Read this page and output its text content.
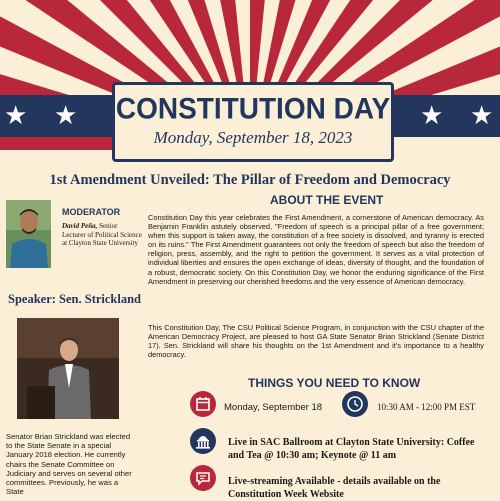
★ ★	★ ★
CONSTITUTION DAY
Monday, September 18, 2023
1st Amendment Unveiled: The Pillar of Freedom and Democracy
MODERATOR

David Peña, Senior Lecturer of Political Science at Clayton State University

Speaker: Sen. Strickland

Senator Brian Strickland was elected to the State Senate in a special January 2018 election. He currently chairs the Senate Committee on Judiciary and serves on several other committees. Previously, he was a State

ABOUT THE EVENT

Constitution Day this year celebrates the First Amendment, a cornerstone of American democracy. As Benjamin Franklin astutely observed, "Freedom of speech is a principal pillar of a free government; when this support is taken away, the constitution of a free society is dissolved, and tyranny is erected on its ruins." The First Amendment guarantees not only the freedom of speech but also the freedom of religion, press, assembly, and the right to petition the government. It serves as a vital protection of individual liberties and ensures the open exchange of ideas, diversity of thought, and the foundation of a robust, democratic society. On this Constitution Day, we honor the enduring significance of the First Amendment in preserving our cherished freedoms and the very essence of American democracy.

This Constitution Day, The CSU Political Science Program, in conjunction with the CSU chapter of the American Democracy Project, are pleased to host GA State Senator Brian Strickland (Senate District 17). Sen. Strickland will share his thoughts on the 1st Amendment and it's importance to a healthy democracy.

THINGS YOU NEED TO KNOW
Monday, September 18	10:30 AM - 12:00 PM EST
Live in SAC Ballroom at Clayton State University: Coffee and Tea @ 10:30 am; Keynote @ 11 am
Live-streaming Available - details available on the Constitution Week Website
